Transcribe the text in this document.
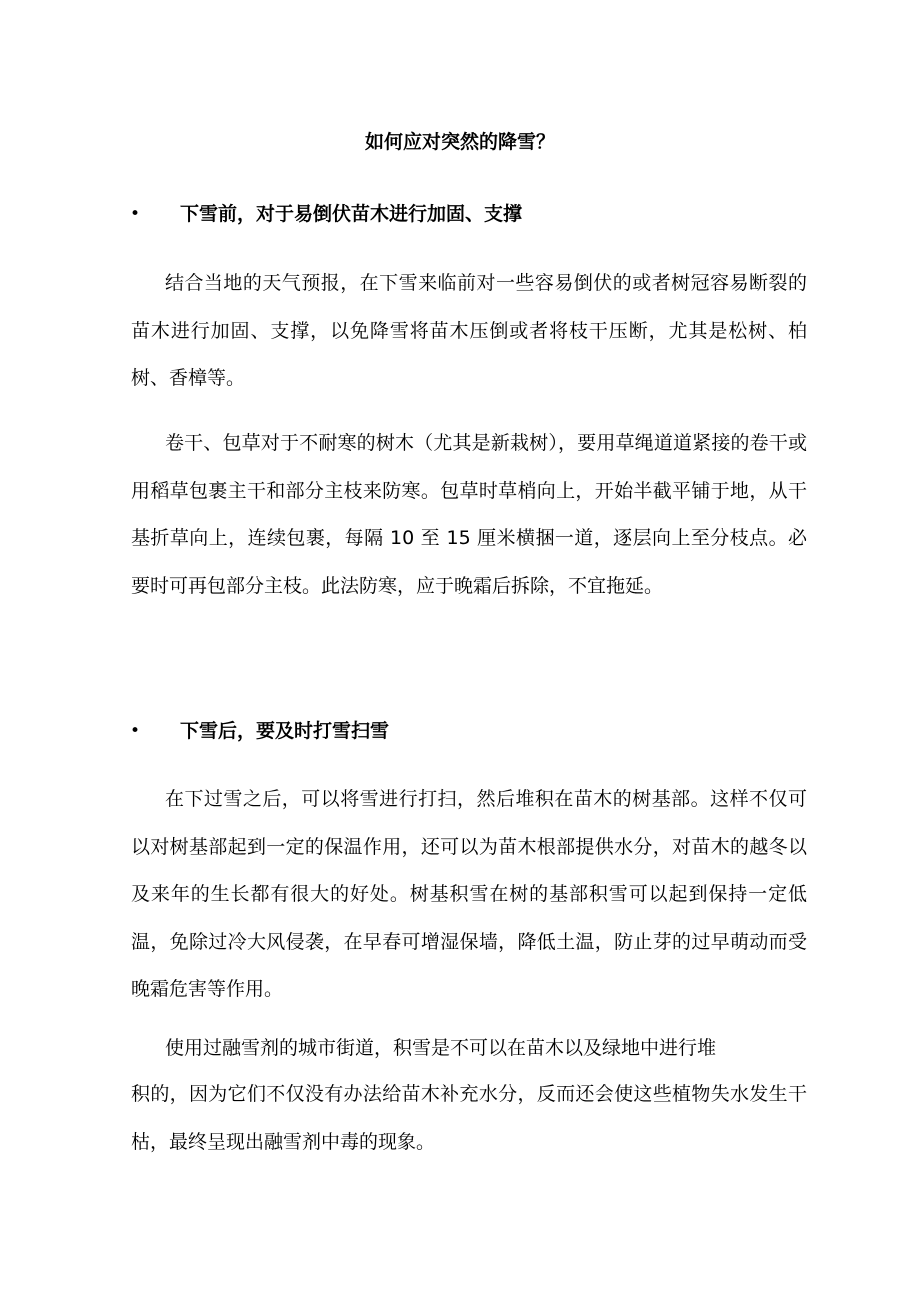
如何应对突然的降雪？
• 下雪前，对于易倒伏苗木进行加固、支撑

结合当地的天气预报，在下雪来临前对一些容易倒伏的或者树冠容易断裂的苗木进行加固、支撑，以免降雪将苗木压倒或者将枝干压断，尤其是松树、柏树、香樟等。

卷干、包草对于不耐寒的树木（尤其是新栽树），要用草绳道道紧接的卷干或用稻草包裹主干和部分主枝来防寒。包草时草梢向上，开始半截平铺于地，从干基折草向上，连续包裹，每隔 10 至 15 厘米横捆一道，逐层向上至分枝点。必要时可再包部分主枝。此法防寒，应于晚霜后拆除，不宜拖延。

• 下雪后，要及时打雪扫雪

在下过雪之后，可以将雪进行打扫，然后堆积在苗木的树基部。这样不仅可以对树基部起到一定的保温作用，还可以为苗木根部提供水分，对苗木的越冬以及来年的生长都有很大的好处。树基积雪在树的基部积雪可以起到保持一定低温，免除过冷大风侵袭，在早春可增湿保墙，降低土温，防止芽的过早萌动而受晚霜危害等作用。

使用过融雪剂的城市街道，积雪是不可以在苗木以及绿地中进行堆

积的，因为它们不仅没有办法给苗木补充水分，反而还会使这些植物失水发生干枯，最终呈现出融雪剂中毒的现象。
